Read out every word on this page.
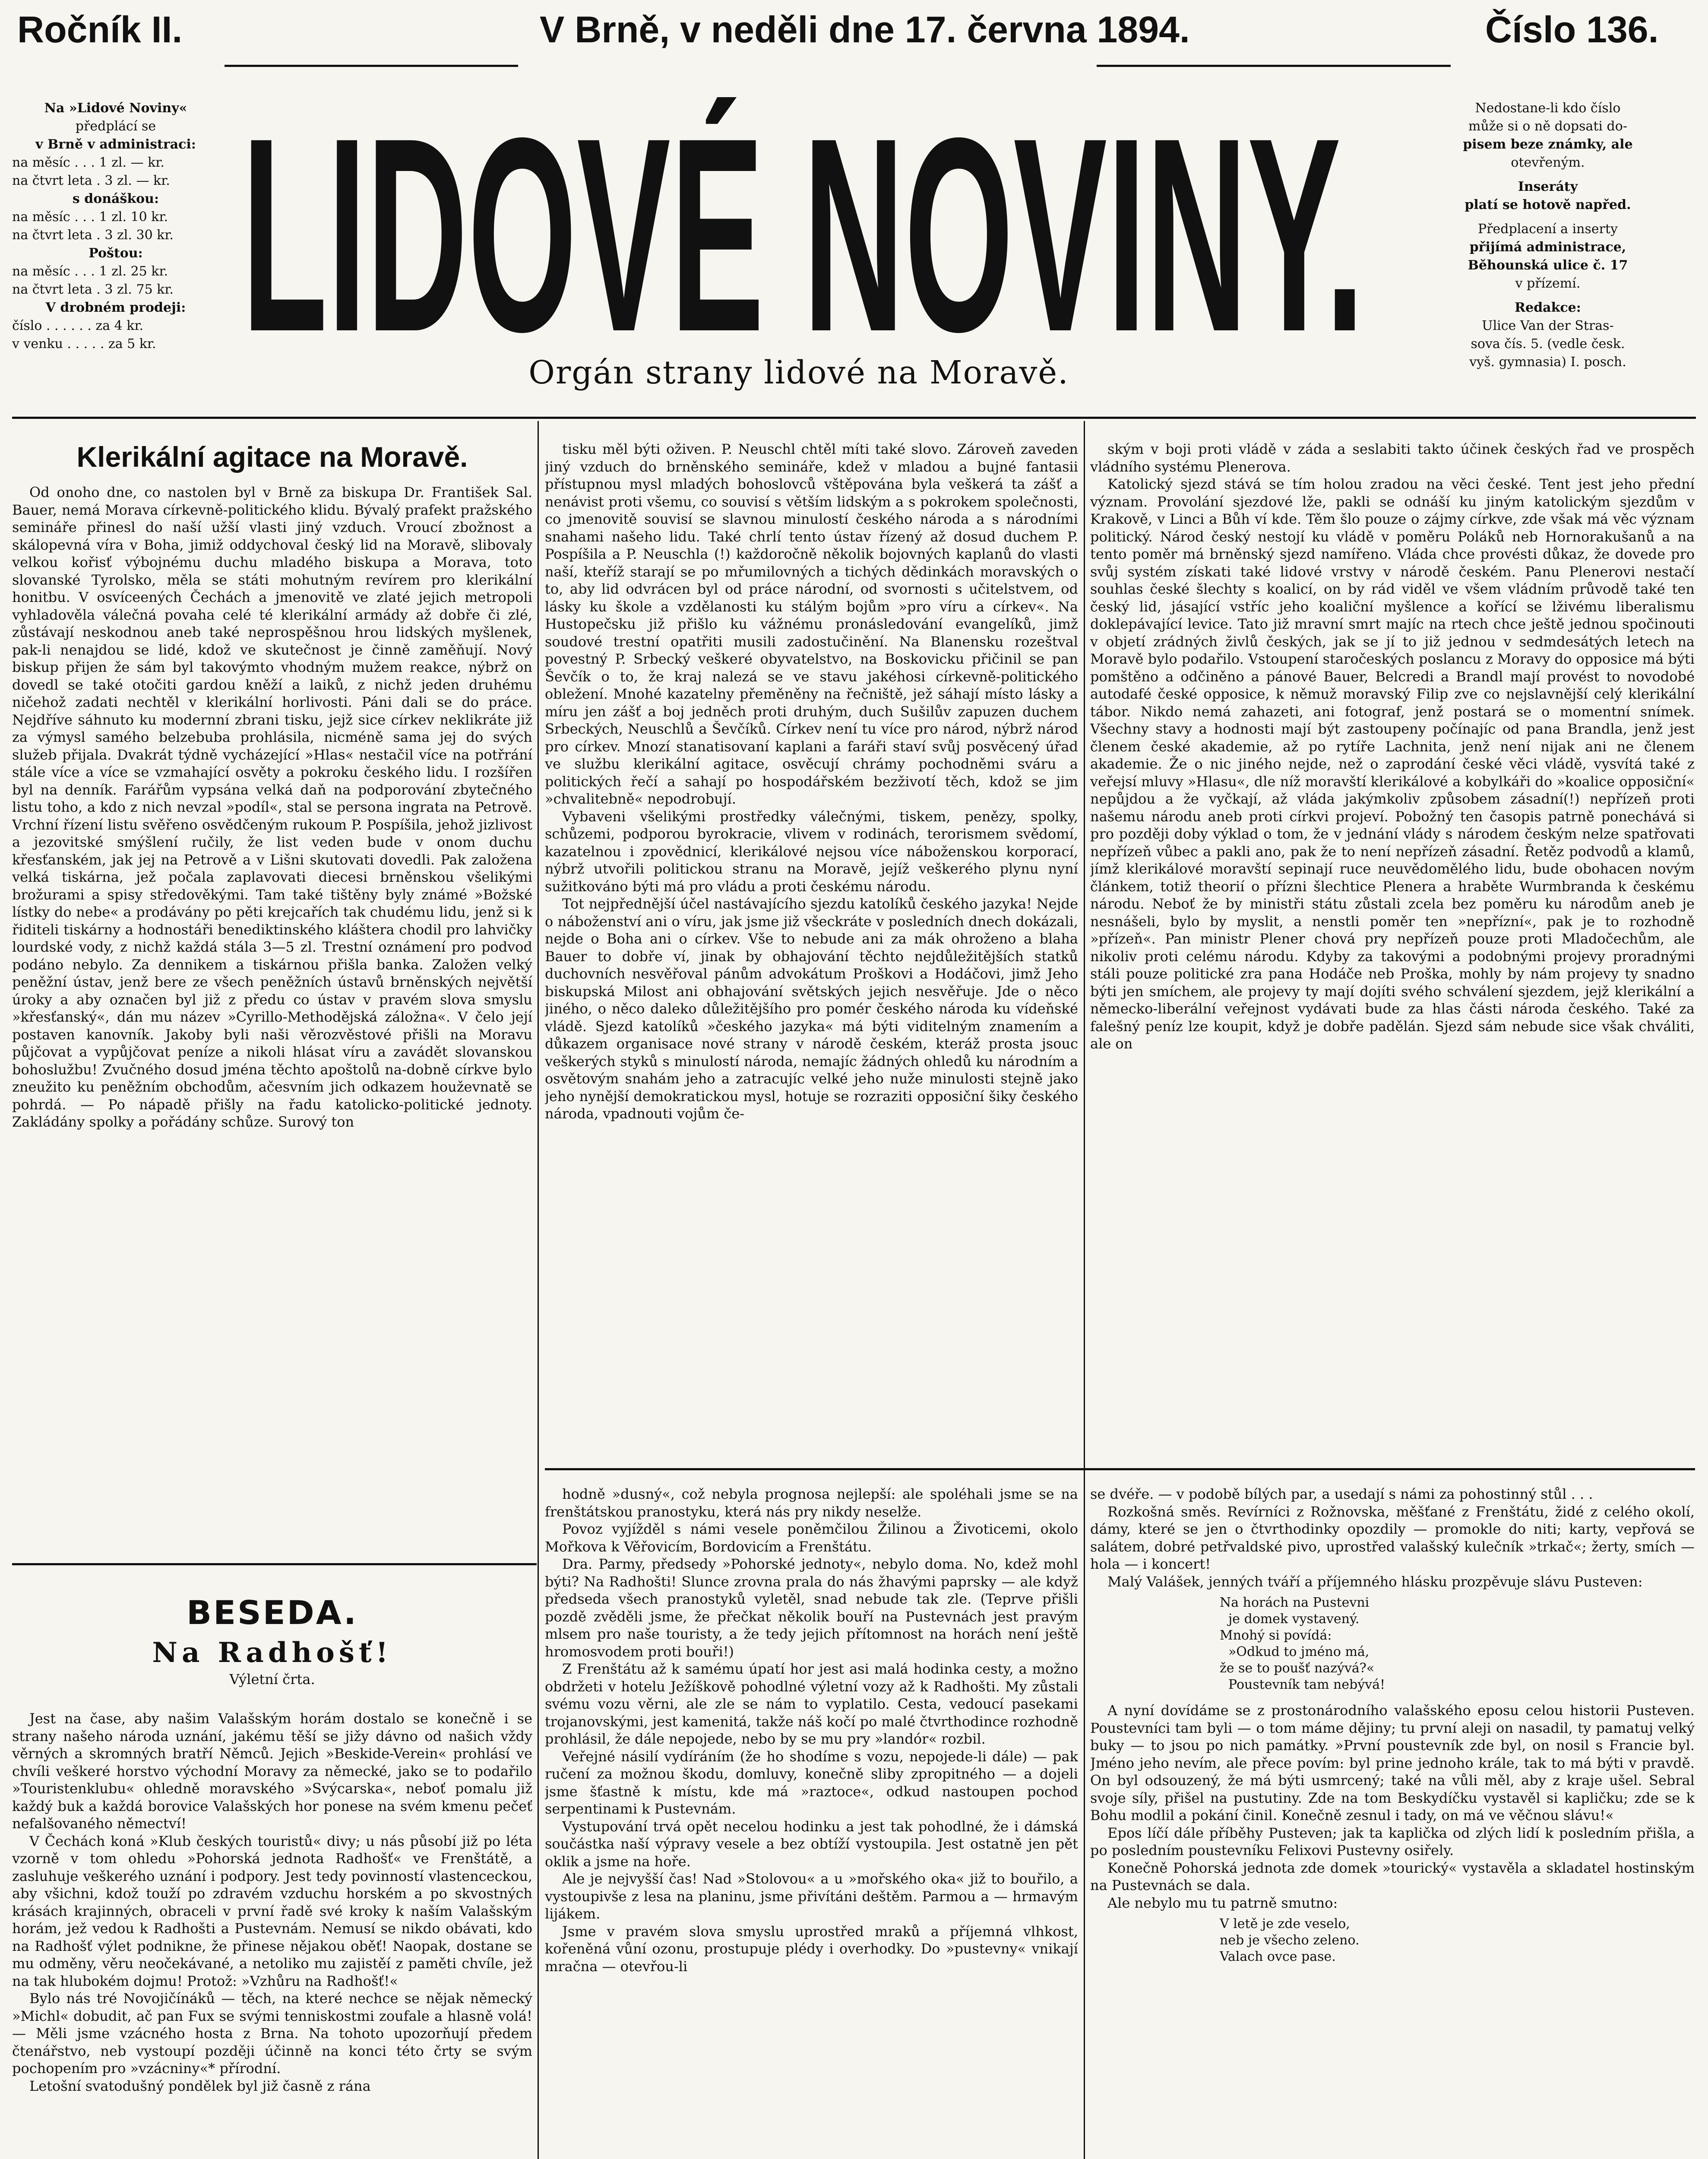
Ročník II.	V Brně, v neděli dne 17. června 1894.	Číslo 136.
Na »Lidové Noviny«
předplácí se
v Brně v administraci:
na měsíc . . . 1 zl. — kr.
na čtvrt leta . 3 zl. — kr.
s donáškou:
na měsíc . . . 1 zl. 10 kr.
na čtvrt leta . 3 zl. 30 kr.
Poštou:
na měsíc . . . 1 zl. 25 kr.
na čtvrt leta . 3 zl. 75 kr.
V drobném prodeji:
číslo . . . . . . za 4 kr.
v venku . . . . . za 5 kr. LIDOVÉ NOVINY.
Orgán strany lidové na Moravě.
Nedostane-li kdo číslo
může si o ně dopsati do-
pisem beze známky, ale
otevřeným.
Inseráty
platí se hotově napřed.
Předplacení a inserty
přijímá administrace,
Běhounská ulice č. 17
v přízemí.
Redakce:
Ulice Van der Stras-
sova čís. 5. (vedle česk.
vyš. gymnasia) I. posch.
Klerikální agitace na Moravě.

Od onoho dne, co nastolen byl v Brně za biskupa Dr. František Sal. Bauer, nemá Morava církevně-politického klidu. Bývalý prafekt pražského semináře přinesl do naší užší vlasti jiný vzduch. Vroucí zbožnost a skálopevná víra v Boha, jimiž oddychoval český lid na Moravě, slibovaly velkou kořisť výbojnému duchu mladého biskupa a Morava, toto slovanské Tyrolsko, měla se státi mohutným revírem pro klerikální honitbu. V osvíceených Čechách a jmenovitě ve zlaté jejich metropoli vyhladověla válečná povaha celé té klerikální armády až dobře či zlé, zůstávají neskodnou aneb také neprospěšnou hrou lidských myšlenek, pak-li nenajdou se lidé, kdož ve skutečnost je činně zaměňují. Nový biskup přijen že sám byl takovýmto vhodným mužem reakce, nýbrž on dovedl se také otočiti gardou kněží a laiků, z nichž jeden druhému ničehož zadati nechtěl v klerikální horlivosti. Páni dali se do práce. Nejdříve sáhnuto ku modernní zbrani tisku, jejž sice církev neklikráte již za výmysl samého belzebuba prohlásila, nicméně sama jej do svých služeb přijala. Dvakrát týdně vycházející »Hlas« nestačil více na potřrání stále více a více se vzmahající osvěty a pokroku českého lidu. I rozšířen byl na denník. Farářům vypsána velká daň na podporování zbytečného listu toho, a kdo z nich nevzal »podíl«, stal se persona ingrata na Petrově. Vrchní řízení listu svěřeno osvědčeným rukoum P. Pospíšila, jehož jizlivost a jezovitské smýšlení ručily, že list veden bude v onom duchu křesťanském, jak jej na Petrově a v Lišni skutovati dovedli. Pak založena velká tiskárna, jež počala zaplavovati diecesi brněnskou všelikými brožurami a spisy středověkými. Tam také tištěny byly známé »Božské lístky do nebe« a prodávány po pěti krejcařích tak chudému lidu, jenž si k řiditeli tiskárny a hodnostáři benediktinského kláštera chodil pro lahvičky lourdské vody, z nichž každá stála 3—5 zl. Trestní oznámení pro podvod podáno nebylo. Za dennikem a tiskárnou přišla banka. Založen velký peněžní ústav, jenž bere ze všech peněžních ústavů brněnských největší úroky a aby označen byl již z předu co ústav v pravém slova smyslu »křesťanský«, dán mu název »Cyrillo-Methodějská záložna«. V čelo její postaven kanovník. Jakoby byli naši věrozvěstové přišli na Moravu půjčovat a vypůjčovat peníze a nikoli hlásat víru a zavádět slovanskou bohoslužbu! Zvučného dosud jména těchto apoštolů na-dobně církve bylo zneužito ku peněžním obchodům, ačesvním jich odkazem houževnatě se pohrdá. — Po nápadě přišly na řadu katolicko-politické jednoty. Zakládány spolky a pořádány schůze. Surový ton

tisku měl býti oživen. P. Neuschl chtěl míti také slovo. Zároveň zaveden jiný vzduch do brněnského semináře, kdež v mladou a bujné fantasii přístupnou mysl mladých bohoslovců vštěpována byla veškerá ta zášť a nenávist proti všemu, co souvisí s větším lidským a s pokrokem společnosti, co jmenovitě souvisí se slavnou minulostí českého národa a s národními snahami našeho lidu. Také chrlí tento ústav řízený až dosud duchem P. Pospíšila a P. Neuschla (!) každoročně několik bojovných kaplanů do vlasti naší, kteříž starají se po mřumilovných a tichých dědinkách moravských o to, aby lid odvrácen byl od práce národní, od svornosti s učitelstvem, od lásky ku škole a vzdělanosti ku stálým bojům »pro víru a církev«. Na Hustopečsku již přišlo ku vážnému pronásledování evangelíků, jimž soudové trestní opatřiti musili zadostučinění. Na Blanensku rozeštval povestný P. Srbecký veškeré obyvatelstvo, na Boskovicku přičinil se pan Ševčík o to, že kraj nalezá se ve stavu jakéhosi církevně-politického obležení. Mnohé kazatelny přeměněny na řečniště, jež sáhají místo lásky a míru jen zášť a boj jedněch proti druhým, duch Sušilův zapuzen duchem Srbeckých, Neuschlů a Ševčíků. Církev není tu více pro národ, nýbrž národ pro církev. Mnozí stanatisovaní kaplani a faráři staví svůj posvěcený úřad ve službu klerikální agitace, osvěcují chrámy pochodněmi sváru a politických řečí a sahají po hospodářském bezživotí těch, kdož se jim »chvalitebně« nepodrobují.

Vybaveni všelikými prostředky válečnými, tiskem, penězy, spolky, schůzemi, podporou byrokracie, vlivem v rodinách, terorismem svědomí, kazatelnou i zpovědnicí, klerikálové nejsou více náboženskou korporací, nýbrž utvořili politickou stranu na Moravě, jejíž veškerého plynu nyní sužitkováno býti má pro vládu a proti českému národu.

Tot nejpřednější účel nastávajícího sjezdu katolíků českého jazyka! Nejde o náboženství ani o víru, jak jsme již všeckráte v posledních dnech dokázali, nejde o Boha ani o církev. Vše to nebude ani za mák ohroženo a blaha Bauer to dobře ví, jinak by obhajování těchto nejdůležitějších statků duchovních nesvěřoval pánům advokátum Proškovi a Hodáčovi, jimž Jeho biskupská Milost ani obhajování světských jejich nesvěřuje. Jde o něco jiného, o něco daleko důležitějšího pro pomér českého národa ku vídeňské vládě. Sjezd katolíků »českého jazyka« má býti viditelným znamením a důkazem organisace nové strany v národě českém, kteráž prosta jsouc veškerých styků s minulostí národa, nemajíc žádných ohledů ku národním a osvětovým snahám jeho a zatracujíc velké jeho nuže minulosti stejně jako jeho nynější demokratickou mysl, hotuje se rozraziti opposiční šiky českého národa, vpadnouti vojům če-

ským v boji proti vládě v záda a seslabiti takto účinek českých řad ve prospěch vládního systému Plenerova.

Katolický sjezd stává se tím holou zradou na věci české. Tent jest jeho přední význam. Provolání sjezdové lže, pakli se odnáší ku jiným katolickým sjezdům v Krakově, v Linci a Bůh ví kde. Těm šlo pouze o zájmy církve, zde však má věc význam politický. Národ český nestojí ku vládě v poměru Poláků neb Hornorakušanů a na tento poměr má brněnský sjezd namířeno. Vláda chce provésti důkaz, že dovede pro svůj systém získati také lidové vrstvy v národě českém. Panu Plenerovi nestačí souhlas české šlechty s koalicí, on by rád viděl ve všem vládním průvodě také ten český lid, jásající vstříc jeho koaliční myšlence a kořící se lživému liberalismu doklepávající levice. Tato již mravní smrt majíc na rtech chce ještě jednou spočinouti v objetí zrádných živlů českých, jak se jí to již jednou v sedmdesátých letech na Moravě bylo podařilo. Vstoupení staročeských poslancu z Moravy do opposice má býti pomštěno a odčiněno a pánové Bauer, Belcredi a Brandl mají provést to novodobé autodafé české opposice, k němuž moravský Filip zve co nejslavnější celý klerikální tábor. Nikdo nemá zahazeti, ani fotograf, jenž postará se o momentní snímek. Všechny stavy a hodnosti mají být zastoupeny počínajíc od pana Brandla, jenž jest členem české akademie, až po rytíře Lachnita, jenž není nijak ani ne členem akademie. Že o nic jiného nejde, než o zaprodání české věci vládě, vysvítá také z veřejsí mluvy »Hlasu«, dle níž moravští klerikálové a kobylkáři do »koalice opposiční« nepůjdou a že vyčkají, až vláda jakýmkoliv způsobem zásadní(!) nepřízeň proti našemu národu aneb proti církvi projeví. Pobožný ten časopis patrně ponechává si pro později doby výklad o tom, že v jednání vlády s národem českým nelze spatřovati nepřízeň vůbec a pakli ano, pak že to není nepřízeň zásadní. Řetěz podvodů a klamů, jímž klerikálové moravští sepinají ruce neuvědomělého lidu, bude obohacen novým článkem, totiž theorií o přízni šlechtice Plenera a hraběte Wurmbranda k českému národu. Neboť že by ministři státu zůstali zcela bez poměru ku národům aneb je nesnášeli, bylo by myslit, a nenstli poměr ten »nepřízní«, pak je to rozhodně »přízeň«. Pan ministr Plener chová pry nepřízeň pouze proti Mladočechům, ale nikoliv proti celému národu. Kdyby za takovými a podobnými projevy proradnými stáli pouze politické zra pana Hodáče neb Proška, mohly by nám projevy ty snadno býti jen smíchem, ale projevy ty mají dojíti svého schválení sjezdem, jejž klerikální a německo-liberální veřejnost vydávati bude za hlas části národa českého. Také za falešný peníz lze koupit, když je dobře padělán. Sjezd sám nebude sice však chváliti, ale on

BESEDA.
Na Radhošť!
Výletní črta.

Jest na čase, aby našim Valašským horám dostalo se konečně i se strany našeho národa uznání, jakému těší se jižy dávno od našich vždy věrných a skromných bratří Němců. Jejich »Beskide-Verein« prohlásí ve chvíli veškeré horstvo východní Moravy za německé, jako se to podařilo »Touristenklubu« ohledně moravského »Svýcarska«, neboť pomalu již každý buk a každá borovice Valašských hor ponese na svém kmenu pečeť nefalšovaného němectví!

V Čechách koná »Klub českých touristů« divy; u nás působí již po léta vzorně v tom ohledu »Pohorská jednota Radhošť« ve Frenštátě, a zasluhuje veškerého uznání i podpory. Jest tedy povinností vlastenceckou, aby všichni, kdož touží po zdravém vzduchu horském a po skvostných krásách krajinných, obraceli v první řadě své kroky k naším Valašským horám, jež vedou k Radhošti a Pustevnám. Nemusí se nikdo obávati, kdo na Radhošť výlet podnikne, že přinese nějakou oběť! Naopak, dostane se mu odměny, věru neočekávané, a netoliko mu zajistěí z paměti chvíle, jež na tak hlubokém dojmu! Protož: »Vzhůru na Radhošť!«

Bylo nás tré Novojičínáků — těch, na které nechce se nějak německý »Michl« dobudit, ač pan Fux se svými tenniskostmi zoufale a hlasně volá! — Měli jsme vzácného hosta z Brna. Na tohoto upozorňují předem čtenářstvo, neb vystoupí později účinně na konci této črty se svým pochopením pro »vzácniny«* přírodní.

Letošní svatodušný pondělek byl již časně z rána

hodně »dusný«, což nebyla prognosa nejlepší: ale spoléhali jsme se na frenštátskou pranostyku, která nás pry nikdy neselže.

Povoz vyjížděl s námi vesele poněmčilou Žilinou a Životicemi, okolo Mořkova k Věřovicím, Bordovicím a Frenštátu.

Dra. Parmy, předsedy »Pohorské jednoty«, nebylo doma. No, kdež mohl býti? Na Radhošti! Slunce zrovna prala do nás žhavými paprsky — ale když předseda všech pranostyků vyletěl, snad nebude tak zle. (Teprve přišli pozdě zvěděli jsme, že přečkat několik bouří na Pustevnách jest pravým mlsem pro naše touristy, a že tedy jejich přítomnost na horách není ještě hromosvodem proti bouři!)

Z Frenštátu až k samému úpatí hor jest asi malá hodinka cesty, a možno obdržeti v hotelu Ježíškově pohodlné výletní vozy až k Radhošti. My zůstali svému vozu věrni, ale zle se nám to vyplatilo. Cesta, vedoucí pasekami trojanovskými, jest kamenitá, takže náš kočí po malé čtvrthodince rozhodně prohlásil, že dále nepojede, nebo by se mu pry »landór« rozbil.

Veřejné násilí vydíráním (že ho shodíme s vozu, nepojede-li dále) — pak ručení za možnou škodu, domluvy, konečně sliby zpropitného — a dojeli jsme šťastně k místu, kde má »raztoce«, odkud nastoupen pochod serpentinami k Pustevnám.

Vystupování trvá opět necelou hodinku a jest tak pohodlné, že i dámská součástka naší výpravy vesele a bez obtíží vystoupila. Jest ostatně jen pět oklik a jsme na hoře.

Ale je nejvyšší čas! Nad »Stolovou« a u »mořského oka« již to bouřilo, a vystoupivše z lesa na planinu, jsme přivítáni deštěm. Parmou a — hrmavým lijákem.

Jsme v pravém slova smyslu uprostřed mraků a příjemná vlhkost, kořeněná vůní ozonu, prostupuje plédy i overhodky. Do »pustevny« vnikají mračna — otevřou-li

se dvéře. — v podobě bílých par, a usedají s námi za pohostinný stůl . . .

Rozkošná směs. Revírníci z Rožnovska, měšťané z Frenštátu, židé z celého okolí, dámy, které se jen o čtvrthodinky opozdily — promokle do niti; karty, vepřová se salátem, dobré petřvaldské pivo, uprostřed valašský kulečník »trkač«; žerty, smích — hola — i koncert!

Malý Valášek, jenných tváří a příjemného hlásku prozpěvuje slávu Pusteven:

Na horách na Pustevni
je domek vystavený.
Mnohý si povídá:
»Odkud to jméno má,
že se to poušť nazývá?«
Poustevník tam nebývá!

A nyní dovídáme se z prostonárodního valašského eposu celou historii Pusteven. Poustevníci tam byli — o tom máme dějiny; tu první aleji on nasadil, ty pamatuj velký buky — to jsou po nich památky. »První poustevník zde byl, on nosil s Francie byl. Jméno jeho nevím, ale přece povím: byl prine jednoho krále, tak to má býti v pravdě. On byl odsouzený, že má býti usmrcený; také na vůli měl, aby z kraje ušel. Sebral svoje síly, přišel na pustutiny. Zde na tom Beskydíčku vystavěl si kapličku; zde se k Bohu modlil a pokání činil. Konečně zesnul i tady, on má ve věčnou slávu!«

Epos líčí dále příběhy Pusteven; jak ta kaplička od zlých lidí k posledním přišla, a po posledním poustevníku Felixovi Pustevny osiřely.

Konečně Pohorská jednota zde domek »tourický« vystavěla a skladatel hostinským na Pustevnách se dala.

Ale nebylo mu tu patrně smutno:

V letě je zde veselo,
neb je všecho zeleno.
Valach ovce pase.
